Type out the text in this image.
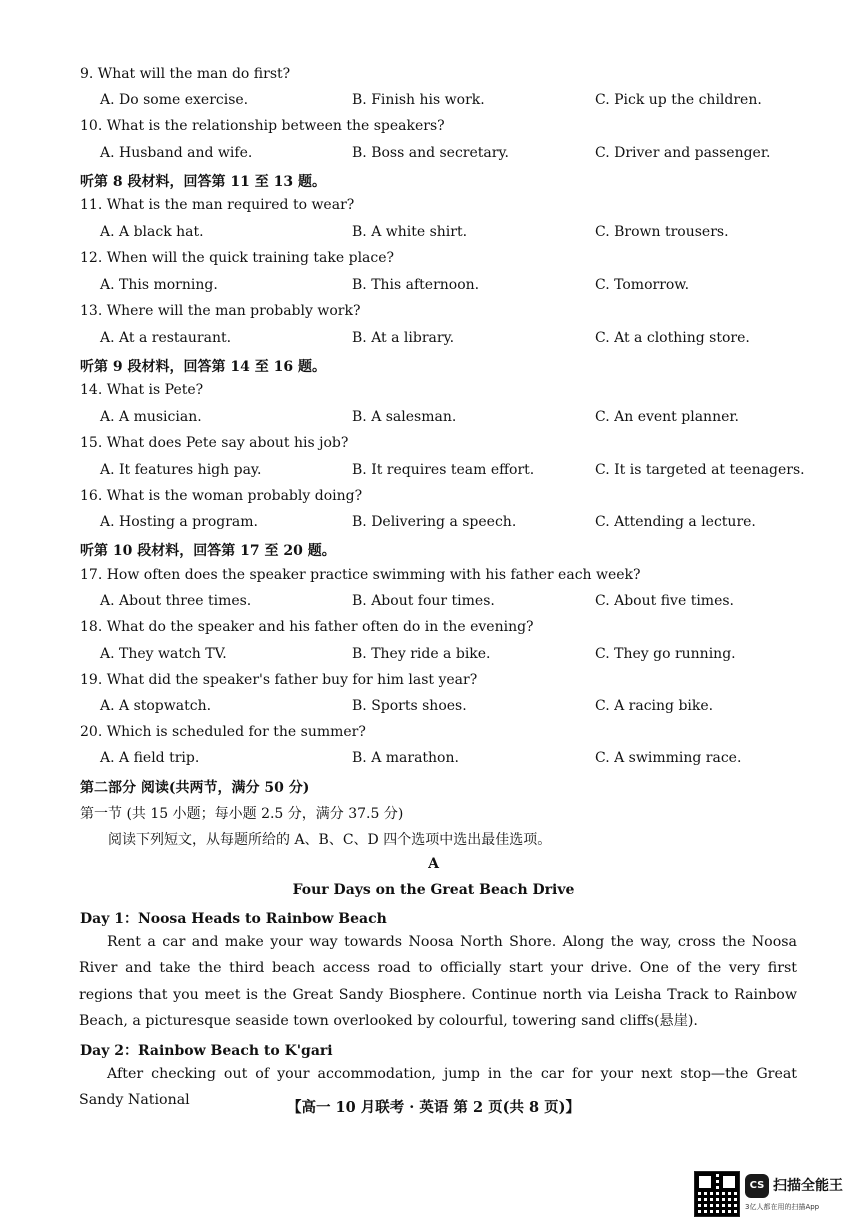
9. What will the man do first?
A. Do some exercise.	B. Finish his work.	C. Pick up the children.
10. What is the relationship between the speakers?
A. Husband and wife.	B. Boss and secretary.	C. Driver and passenger.
听第 8 段材料，回答第 11 至 13 题。
11. What is the man required to wear?
A. A black hat.	B. A white shirt.	C. Brown trousers.
12. When will the quick training take place?
A. This morning.	B. This afternoon.	C. Tomorrow.
13. Where will the man probably work?
A. At a restaurant.	B. At a library.	C. At a clothing store.
听第 9 段材料，回答第 14 至 16 题。
14. What is Pete?
A. A musician.	B. A salesman.	C. An event planner.
15. What does Pete say about his job?
A. It features high pay.	B. It requires team effort.	C. It is targeted at teenagers.
16. What is the woman probably doing?
A. Hosting a program.	B. Delivering a speech.	C. Attending a lecture.
听第 10 段材料，回答第 17 至 20 题。
17. How often does the speaker practice swimming with his father each week?
A. About three times.	B. About four times.	C. About five times.
18. What do the speaker and his father often do in the evening?
A. They watch TV.	B. They ride a bike.	C. They go running.
19. What did the speaker's father buy for him last year?
A. A stopwatch.	B. Sports shoes.	C. A racing bike.
20. Which is scheduled for the summer?
A. A field trip.	B. A marathon.	C. A swimming race.
第二部分 阅读(共两节，满分 50 分)
第一节 (共 15 小题；每小题 2.5 分，满分 37.5 分)
阅读下列短文，从每题所给的 A、B、C、D 四个选项中选出最佳选项。
A
Four Days on the Great Beach Drive
Day 1：Noosa Heads to Rainbow Beach
Rent a car and make your way towards Noosa North Shore. Along the way, cross the Noosa River and take the third beach access road to officially start your drive. One of the very first regions that you meet is the Great Sandy Biosphere. Continue north via Leisha Track to Rainbow Beach, a picturesque seaside town overlooked by colourful, towering sand cliffs(悬崖).
Day 2：Rainbow Beach to K'gari
After checking out of your accommodation, jump in the car for your next stop—the Great Sandy National	【高一 10 月联考 · 英语 第 2 页(共 8 页)】
CS 扫描全能王
3亿人都在用的扫描App
